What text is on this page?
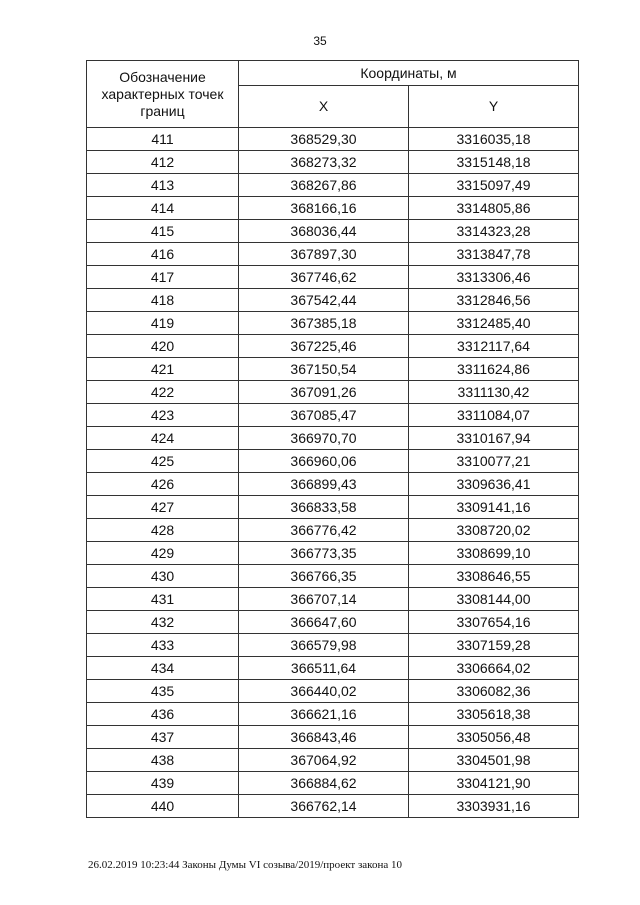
35
Обозначение характерных точек границ	Координаты, м	
	X	Y
411	368529,30	3316035,18
412	368273,32	3315148,18
413	368267,86	3315097,49
414	368166,16	3314805,86
415	368036,44	3314323,28
416	367897,30	3313847,78
417	367746,62	3313306,46
418	367542,44	3312846,56
419	367385,18	3312485,40
420	367225,46	3312117,64
421	367150,54	3311624,86
422	367091,26	3311130,42
423	367085,47	3311084,07
424	366970,70	3310167,94
425	366960,06	3310077,21
426	366899,43	3309636,41
427	366833,58	3309141,16
428	366776,42	3308720,02
429	366773,35	3308699,10
430	366766,35	3308646,55
431	366707,14	3308144,00
432	366647,60	3307654,16
433	366579,98	3307159,28
434	366511,64	3306664,02
435	366440,02	3306082,36
436	366621,16	3305618,38
437	366843,46	3305056,48
438	367064,92	3304501,98
439	366884,62	3304121,90
440	366762,14	3303931,16
26.02.2019 10:23:44 Законы Думы VI созыва/2019/проект закона 10
